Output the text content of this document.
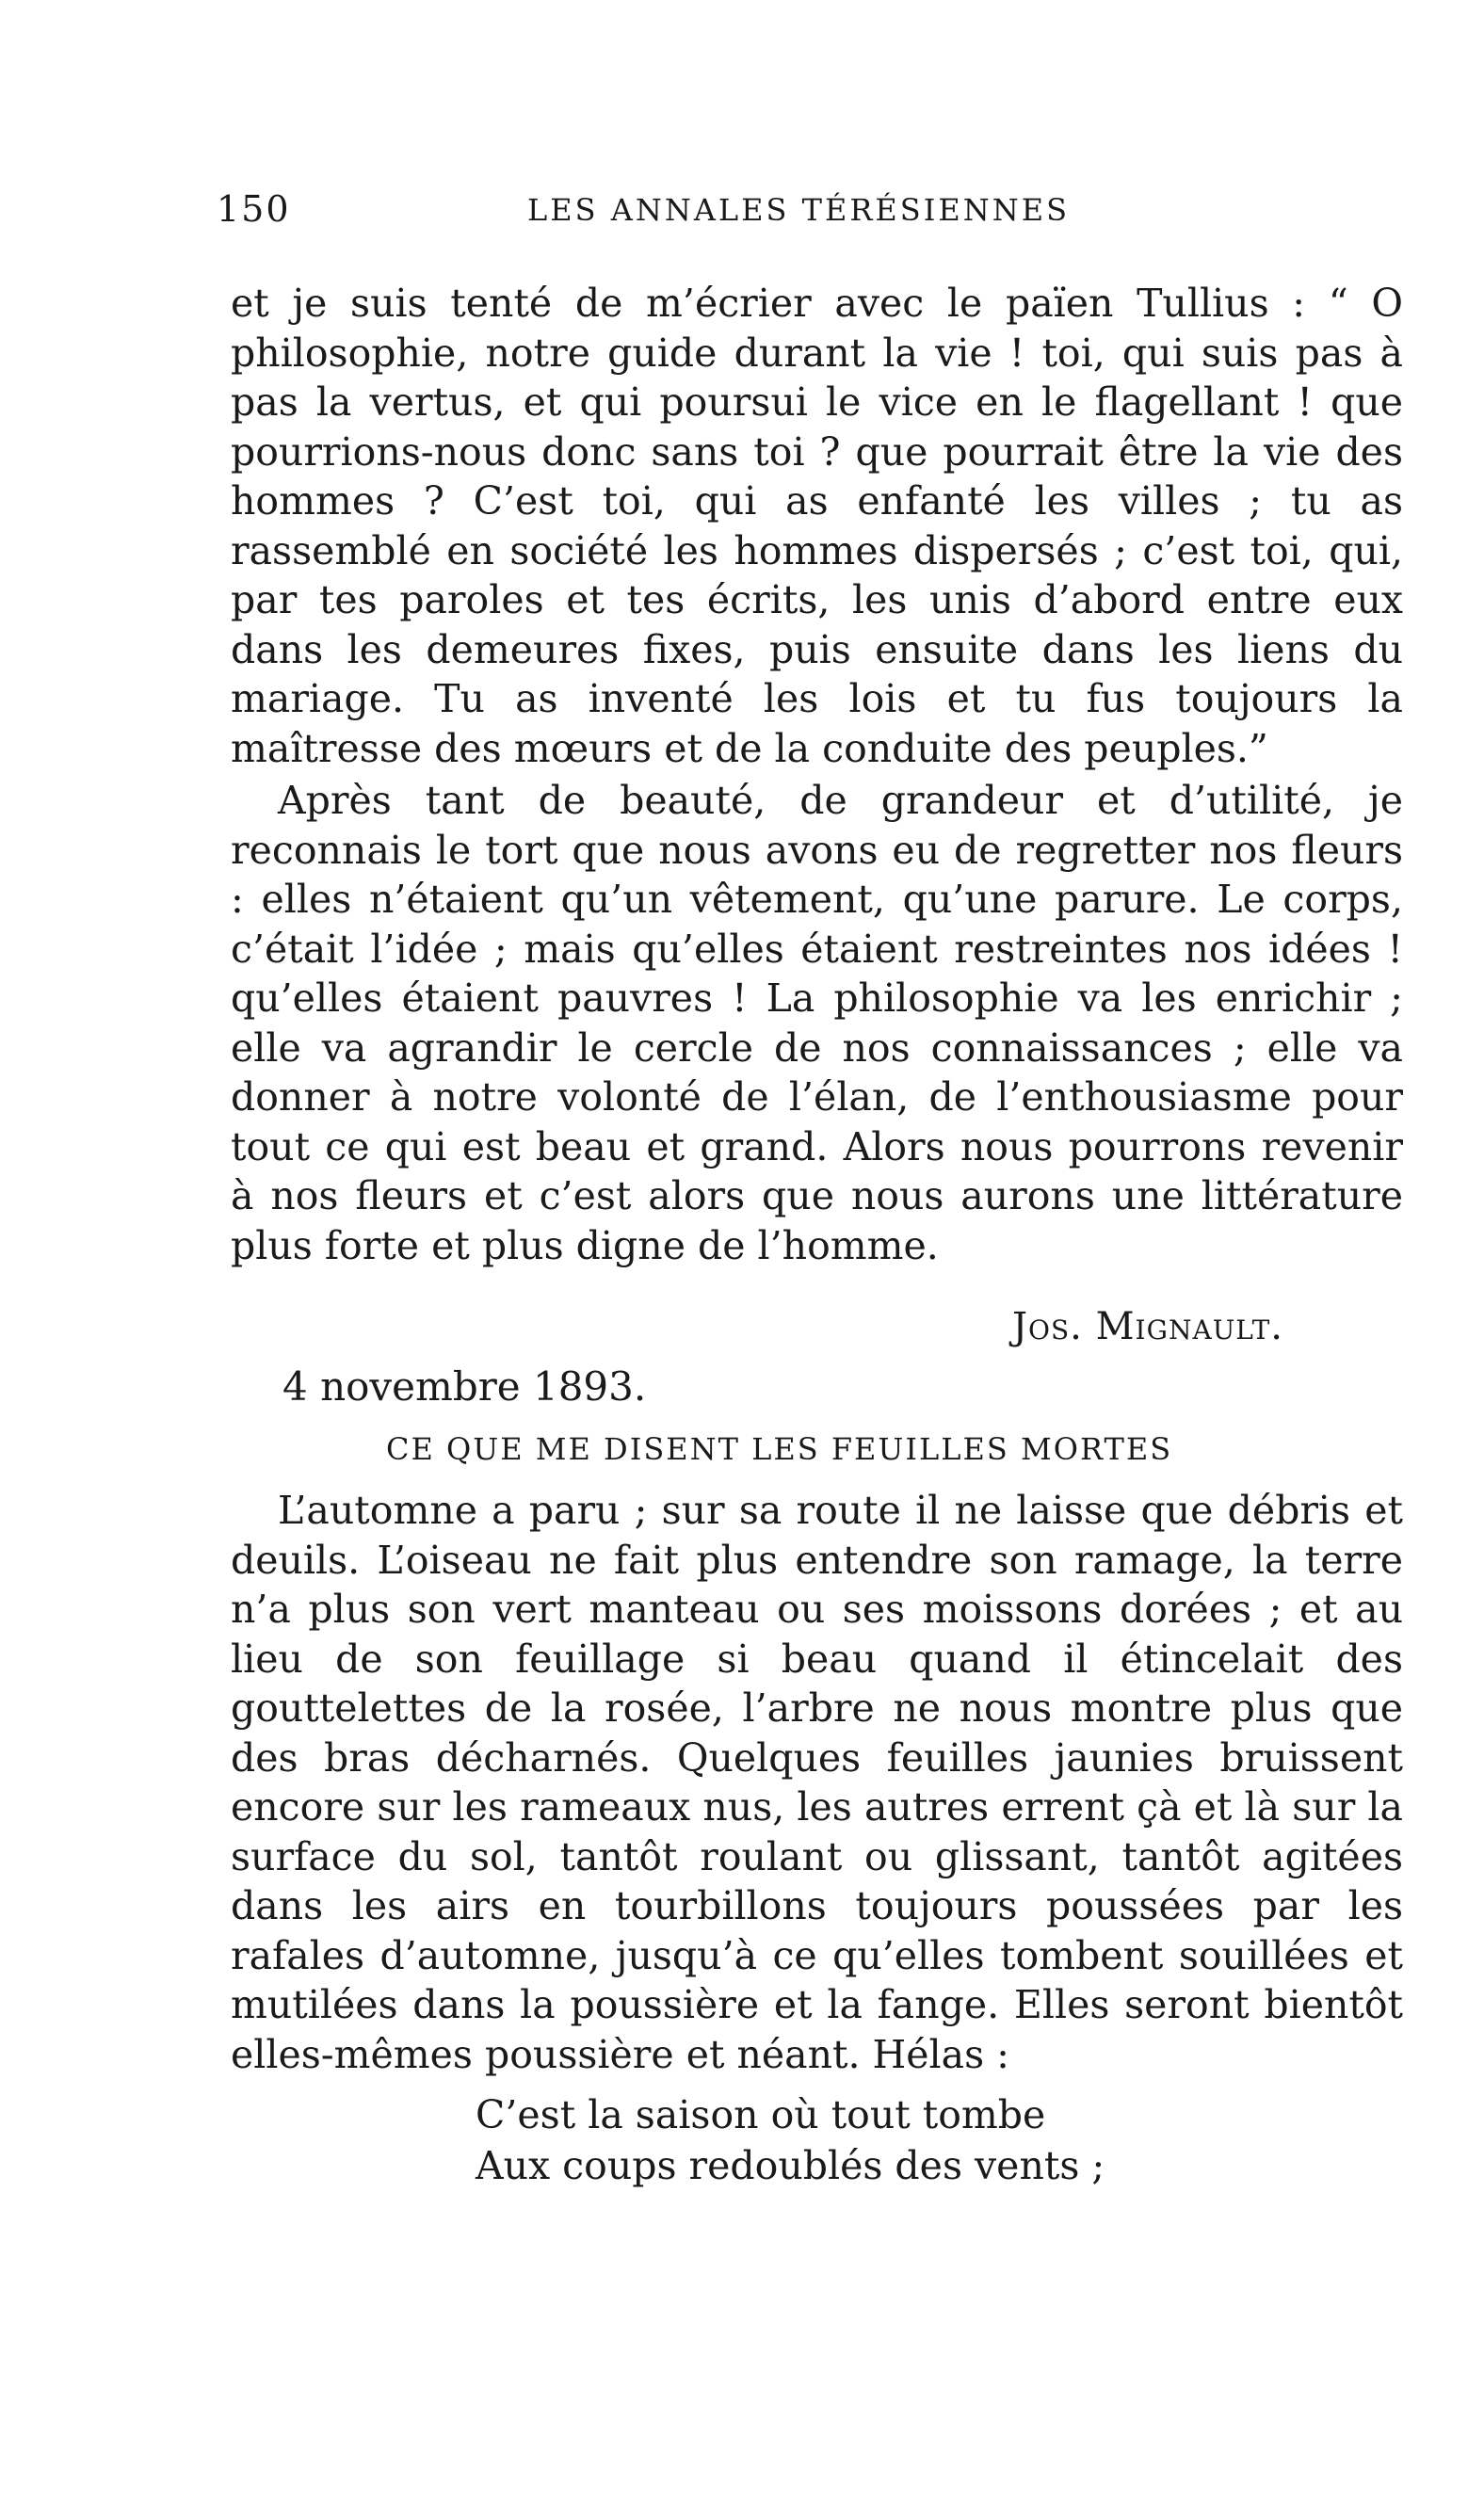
150	LES ANNALES TÉRÉSIENNES

et je suis tenté de m’écrier avec le païen Tullius : “ O philosophie, notre guide durant la vie ! toi, qui suis pas à pas la vertus, et qui poursui le vice en le flagellant ! que pourrions-nous donc sans toi ? que pourrait être la vie des hommes ? C’est toi, qui as enfanté les villes ; tu as rassemblé en société les hommes dispersés ; c’est toi, qui, par tes paroles et tes écrits, les unis d’abord entre eux dans les demeures fixes, puis ensuite dans les liens du mariage. Tu as inventé les lois et tu fus toujours la maîtresse des mœurs et de la conduite des peuples.”

Après tant de beauté, de grandeur et d’utilité, je reconnais le tort que nous avons eu de regretter nos fleurs : elles n’étaient qu’un vêtement, qu’une parure. Le corps, c’était l’idée ; mais qu’elles étaient restreintes nos idées ! qu’elles étaient pauvres ! La philosophie va les enrichir ; elle va agrandir le cercle de nos connaissances ; elle va donner à notre volonté de l’élan, de l’enthousiasme pour tout ce qui est beau et grand. Alors nous pourrons revenir à nos fleurs et c’est alors que nous aurons une littérature plus forte et plus digne de l’homme.

Jos. Mignault.
4 novembre 1893.
CE QUE ME DISENT LES FEUILLES MORTES

L’automne a paru ; sur sa route il ne laisse que débris et deuils. L’oiseau ne fait plus entendre son ramage, la terre n’a plus son vert manteau ou ses moissons dorées ; et au lieu de son feuillage si beau quand il étincelait des gouttelettes de la rosée, l’arbre ne nous montre plus que des bras décharnés. Quelques feuilles jaunies bruissent encore sur les rameaux nus, les autres errent çà et là sur la surface du sol, tantôt roulant ou glissant, tantôt agitées dans les airs en tourbillons toujours poussées par les rafales d’automne, jusqu’à ce qu’elles tombent souillées et mutilées dans la poussière et la fange. Elles seront bientôt elles-mêmes poussière et néant. Hélas :

C’est la saison où tout tombe
Aux coups redoublés des vents ;
